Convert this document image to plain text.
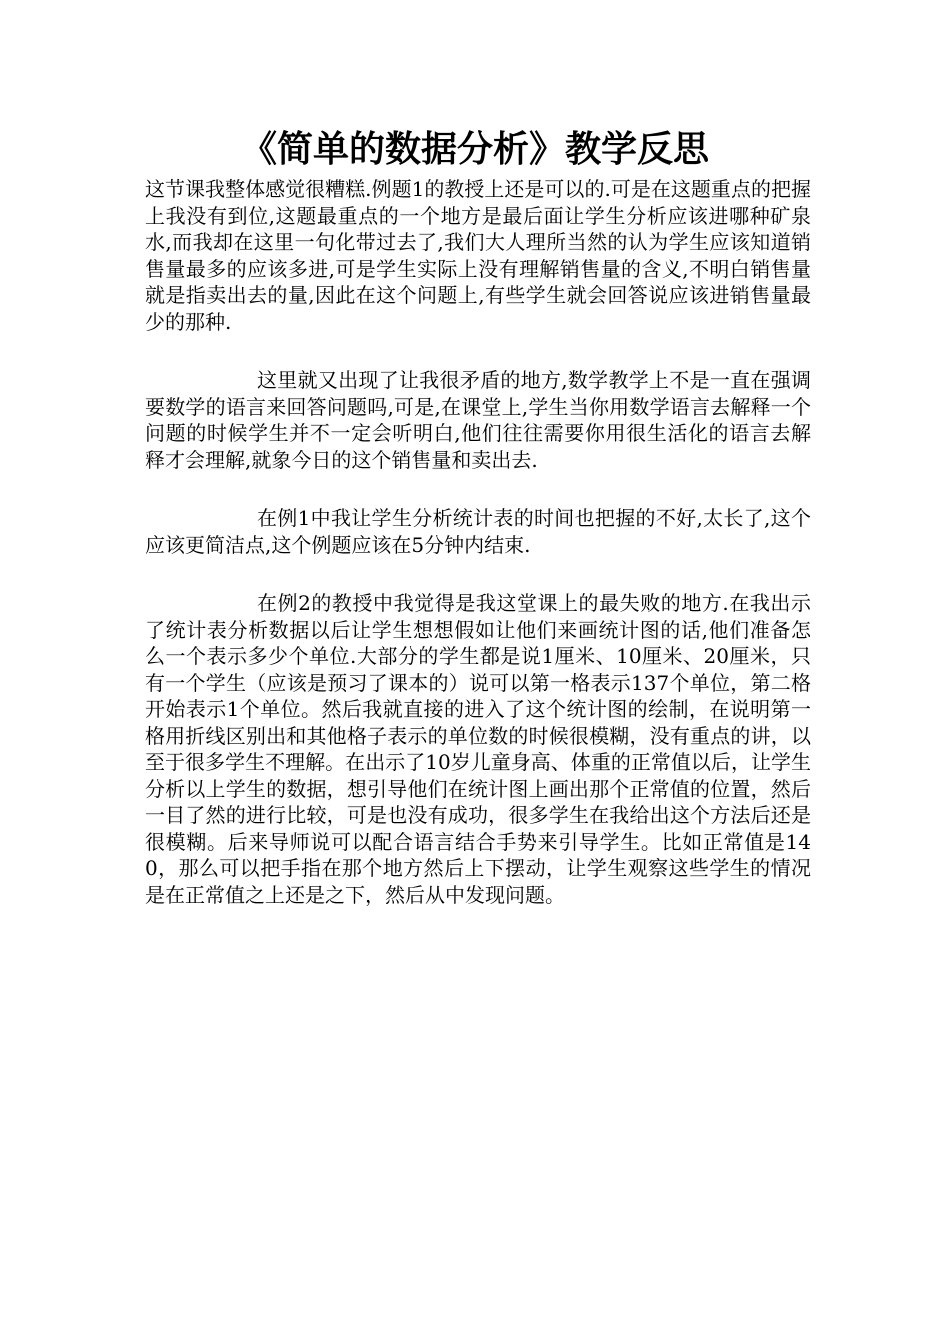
《简单的数据分析》教学反思

这节课我整体感觉很糟糕.例题1的教授上还是可以的.可是在这题重点的把握上我没有到位,这题最重点的一个地方是最后面让学生分析应该进哪种矿泉水,而我却在这里一句化带过去了,我们大人理所当然的认为学生应该知道销售量最多的应该多进,可是学生实际上没有理解销售量的含义,不明白销售量就是指卖出去的量,因此在这个问题上,有些学生就会回答说应该进销售量最少的那种.

这里就又出现了让我很矛盾的地方,数学教学上不是一直在强调要数学的语言来回答问题吗,可是,在课堂上,学生当你用数学语言去解释一个问题的时候学生并不一定会听明白,他们往往需要你用很生活化的语言去解释才会理解,就象今日的这个销售量和卖出去.

在例1中我让学生分析统计表的时间也把握的不好,太长了,这个应该更简洁点,这个例题应该在5分钟内结束.

在例2的教授中我觉得是我这堂课上的最失败的地方.在我出示了统计表分析数据以后让学生想想假如让他们来画统计图的话,他们准备怎么一个表示多少个单位.大部分的学生都是说1厘米、10厘米、20厘米，只有一个学生（应该是预习了课本的）说可以第一格表示137个单位，第二格开始表示1个单位。然后我就直接的进入了这个统计图的绘制，在说明第一格用折线区别出和其他格子表示的单位数的时候很模糊，没有重点的讲，以至于很多学生不理解。在出示了10岁儿童身高、体重的正常值以后，让学生分析以上学生的数据，想引导他们在统计图上画出那个正常值的位置，然后一目了然的进行比较，可是也没有成功，很多学生在我给出这个方法后还是很模糊。后来导师说可以配合语言结合手势来引导学生。比如正常值是140，那么可以把手指在那个地方然后上下摆动，让学生观察这些学生的情况是在正常值之上还是之下，然后从中发现问题。
